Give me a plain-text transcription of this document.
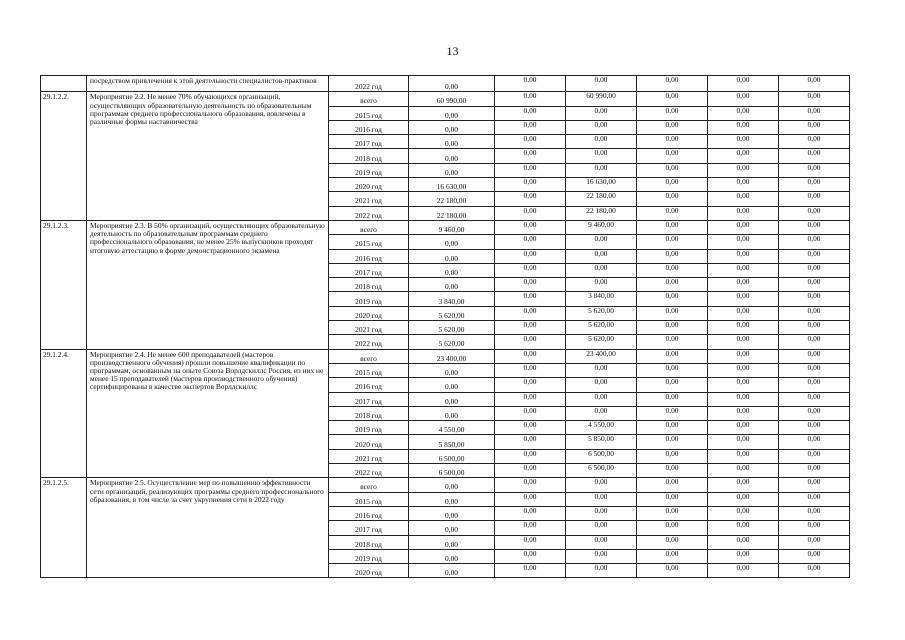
13
	посредством привлечения к этой деятельности специалистов-практиков	2022 год	0,00	0,00	0,00	0,00	0,00	0,00
29.1.2.2.	Мероприятие 2.2. Не менее 70% обучающихся организаций, осуществляющих образовательную деятельность по образовательным программам среднего профессионального образования, вовлечены в различные формы наставничества	всего	60 990,00	0,00	60 990,00	0,00	0,00	0,00
		2015 год	0,00	0,00	0,00	0,00	0,00	0,00
		2016 год	0,00	0,00	0,00	0,00	0,00	0,00
		2017 год	0,00	0,00	0,00	0,00	0,00	0,00
		2018 год	0,00	0,00	0,00	0,00	0,00	0,00
		2019 год	0,00	0,00	0,00	0,00	0,00	0,00
		2020 год	16 630,00	0,00	16 630,00	0,00	0,00	0,00
		2021 год	22 180,00	0,00	22 180,00	0,00	0,00	0,00
		2022 год	22 180,00	0,00	22 180,00	0,00	0,00	0,00
29.1.2.3.	Мероприятие 2.3. В 50% организаций, осуществляющих образовательную деятельность по образовательным программам среднего профессионального образования, не менее 25% выпускников проходят итоговую аттестацию в форме демонстрационного экзамена	всего	9 460,00	0,00	9 460,00	0,00	0,00	0,00
		2015 год	0,00	0,00	0,00	0,00	0,00	0,00
		2016 год	0,00	0,00	0,00	0,00	0,00	0,00
		2017 год	0,00	0,00	0,00	0,00	0,00	0,00
		2018 год	0,00	0,00	0,00	0,00	0,00	0,00
		2019 год	3 840,00	0,00	3 840,00	0,00	0,00	0,00
		2020 год	5 620,00	0,00	5 620,00	0,00	0,00	0,00
		2021 год	5 620,00	0,00	5 620,00	0,00	0,00	0,00
		2022 год	5 620,00	0,00	5 620,00	0,00	0,00	0,00
29.1.2.4.	Мероприятие 2.4. Не менее 600 преподавателей (мастеров производственного обучения) прошли повышение квалификации по программам, основанным на опыте Союза Ворлдскиллс Россия, из них не менее 15 преподавателей (мастеров производственного обучения) сертифицированы в качестве экспертов Ворлдскиллс	всего	23 400,00	0,00	23 400,00	0,00	0,00	0,00
		2015 год	0,00	0,00	0,00	0,00	0,00	0,00
		2016 год	0,00	0,00	0,00	0,00	0,00	0,00
		2017 год	0,00	0,00	0,00	0,00	0,00	0,00
		2018 год	0,00	0,00	0,00	0,00	0,00	0,00
		2019 год	4 550,00	0,00	4 550,00	0,00	0,00	0,00
		2020 год	5 850,00	0,00	5 850,00	0,00	0,00	0,00
		2021 год	6 500,00	0,00	6 500,00	0,00	0,00	0,00
		2022 год	6 500,00	0,00	6 500,00	0,00	0,00	0,00
29.1.2.5.	Мероприятие 2.5. Осуществление мер по повышению эффективности сети организаций, реализующих программы среднего профессионального образования, в том числе за счет укрупнения сети в 2022 году	всего	0,00	0,00	0,00	0,00	0,00	0,00
		2015 год	0,00	0,00	0,00	0,00	0,00	0,00
		2016 год	0,00	0,00	0,00	0,00	0,00	0,00
		2017 год	0,00	0,00	0,00	0,00	0,00	0,00
		2018 год	0,00	0,00	0,00	0,00	0,00	0,00
		2019 год	0,00	0,00	0,00	0,00	0,00	0,00
		2020 год	0,00	0,00	0,00	0,00	0,00	0,00
